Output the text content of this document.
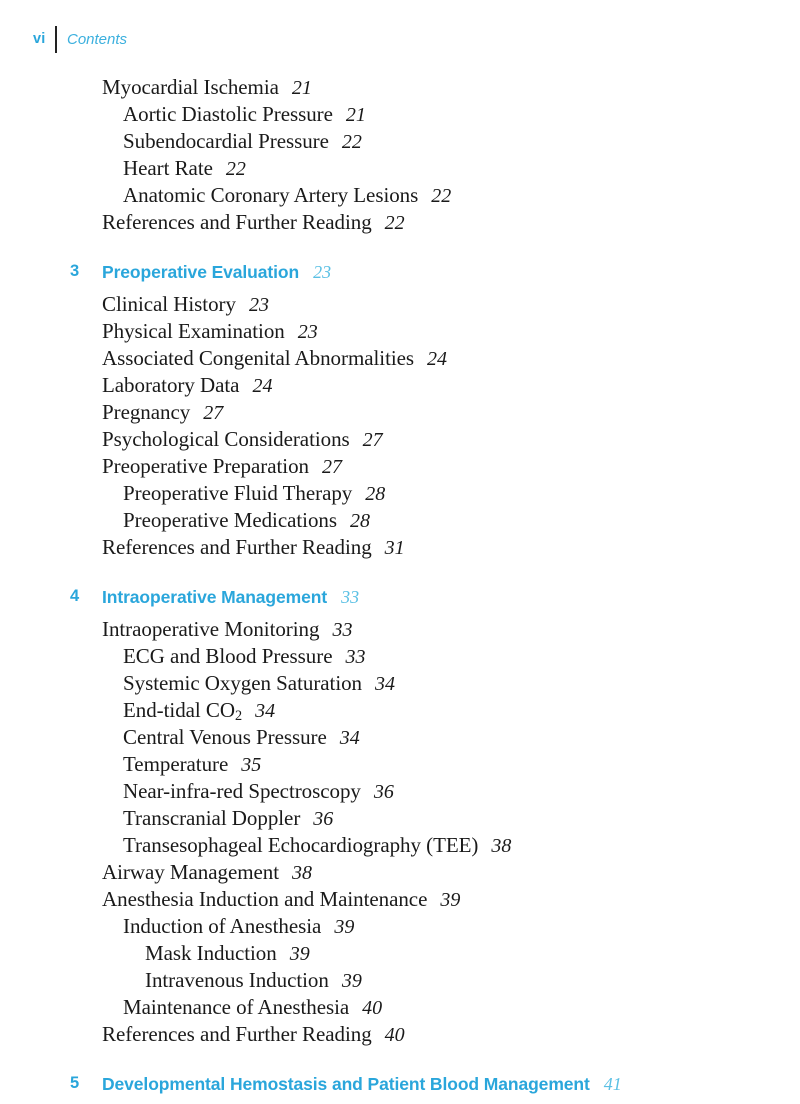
vi Contents
Myocardial Ischemia 21
Aortic Diastolic Pressure 21
Subendocardial Pressure 22
Heart Rate 22
Anatomic Coronary Artery Lesions 22
References and Further Reading 22
3 Preoperative Evaluation 23
Clinical History 23
Physical Examination 23
Associated Congenital Abnormalities 24
Laboratory Data 24
Pregnancy 27
Psychological Considerations 27
Preoperative Preparation 27
Preoperative Fluid Therapy 28
Preoperative Medications 28
References and Further Reading 31
4 Intraoperative Management 33
Intraoperative Monitoring 33
ECG and Blood Pressure 33
Systemic Oxygen Saturation 34
End-tidal $CO_2$ 34
Central Venous Pressure 34
Temperature 35
Near-infra-red Spectroscopy 36
Transcranial Doppler 36
Transesophageal Echocardiography (TEE) 38
Airway Management 38
Anesthesia Induction and Maintenance 39
Induction of Anesthesia 39
Mask Induction 39
Intravenous Induction 39
Maintenance of Anesthesia 40
References and Further Reading 40
5 Developmental Hemostasis and Patient Blood Management 41
